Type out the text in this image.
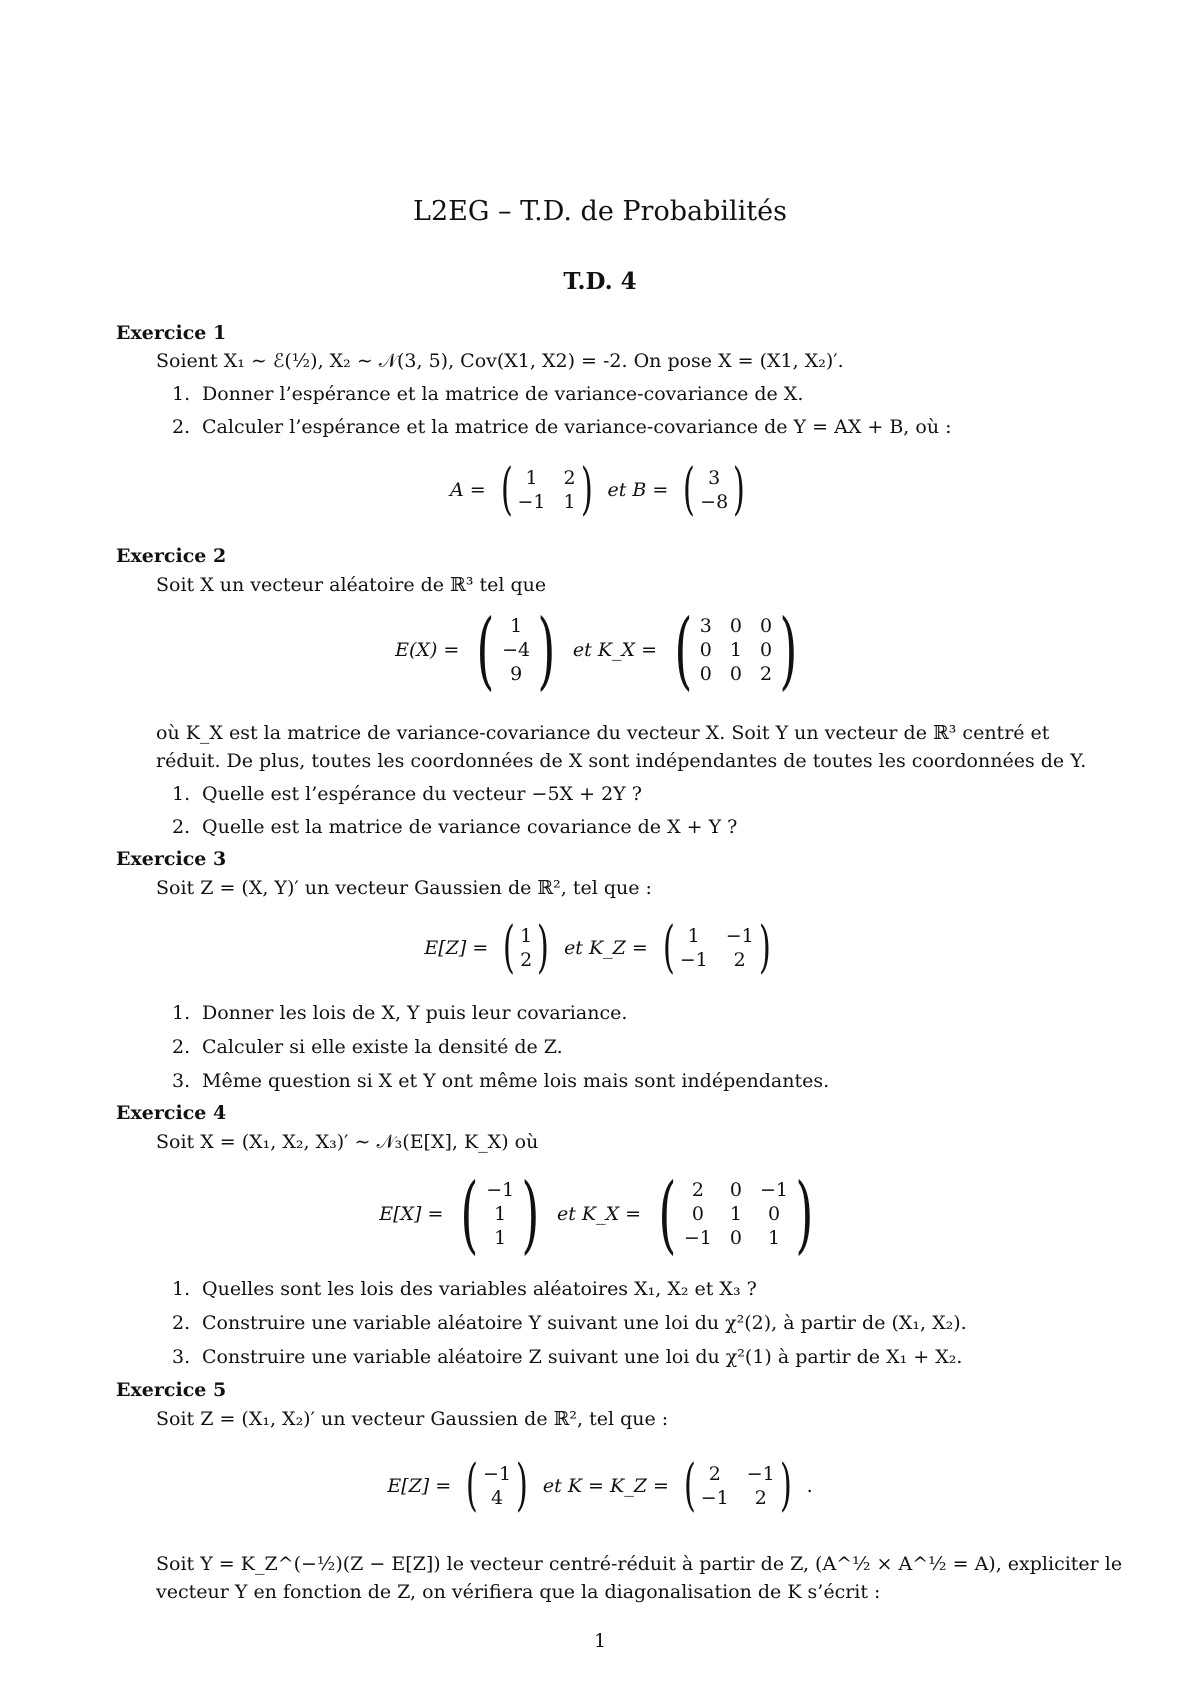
L2EG – T.D. de Probabilités
T.D. 4
Exercice 1
Soient X₁ ∼ ℰ(½), X₂ ∼ 𝒩(3, 5), Cov(X1, X2) = -2. On pose X = (X1, X₂)′.
1. Donner l’espérance et la matrice de variance-covariance de X.
2. Calculer l’espérance et la matrice de variance-covariance de Y = AX + B, où :
A = ( 1	2
−1 1 ) et B = ( 3
−8 )
Exercice 2
Soit X un vecteur aléatoire de ℝ³ tel que
E(X) = ( 1
−4
9 ) et K_X = ( 3 0 0
0 1 0
0 0 2 )
où K_X est la matrice de variance-covariance du vecteur X. Soit Y un vecteur de ℝ³ centré et
réduit. De plus, toutes les coordonnées de X sont indépendantes de toutes les coordonnées de Y.
1. Quelle est l’espérance du vecteur −5X + 2Y ?
2. Quelle est la matrice de variance covariance de X + Y ?
Exercice 3
Soit Z = (X, Y)′ un vecteur Gaussien de ℝ², tel que :
E[Z] = ( 1
2 ) et K_Z = ( 1	−1
−1	2 )
1. Donner les lois de X, Y puis leur covariance.
2. Calculer si elle existe la densité de Z.
3. Même question si X et Y ont même lois mais sont indépendantes.
Exercice 4
Soit X = (X₁, X₂, X₃)′ ∼ 𝒩₃(E[X], K_X) où
E[X] = ( −1
1
1 ) et K_X = ( 2	0 −1
0	1	0
−1 0	1 )
1. Quelles sont les lois des variables aléatoires X₁, X₂ et X₃ ?
2. Construire une variable aléatoire Y suivant une loi du χ²(2), à partir de (X₁, X₂).
3. Construire une variable aléatoire Z suivant une loi du χ²(1) à partir de X₁ + X₂.
Exercice 5
Soit Z = (X₁, X₂)′ un vecteur Gaussien de ℝ², tel que :
E[Z] = ( −1
4 ) et K = K_Z = ( 2	−1
−1	2 ) .
Soit Y = K_Z^(−½)(Z − E[Z]) le vecteur centré-réduit à partir de Z, (A^½ × A^½ = A), expliciter le
vecteur Y en fonction de Z, on vérifiera que la diagonalisation de K s’écrit :
1
